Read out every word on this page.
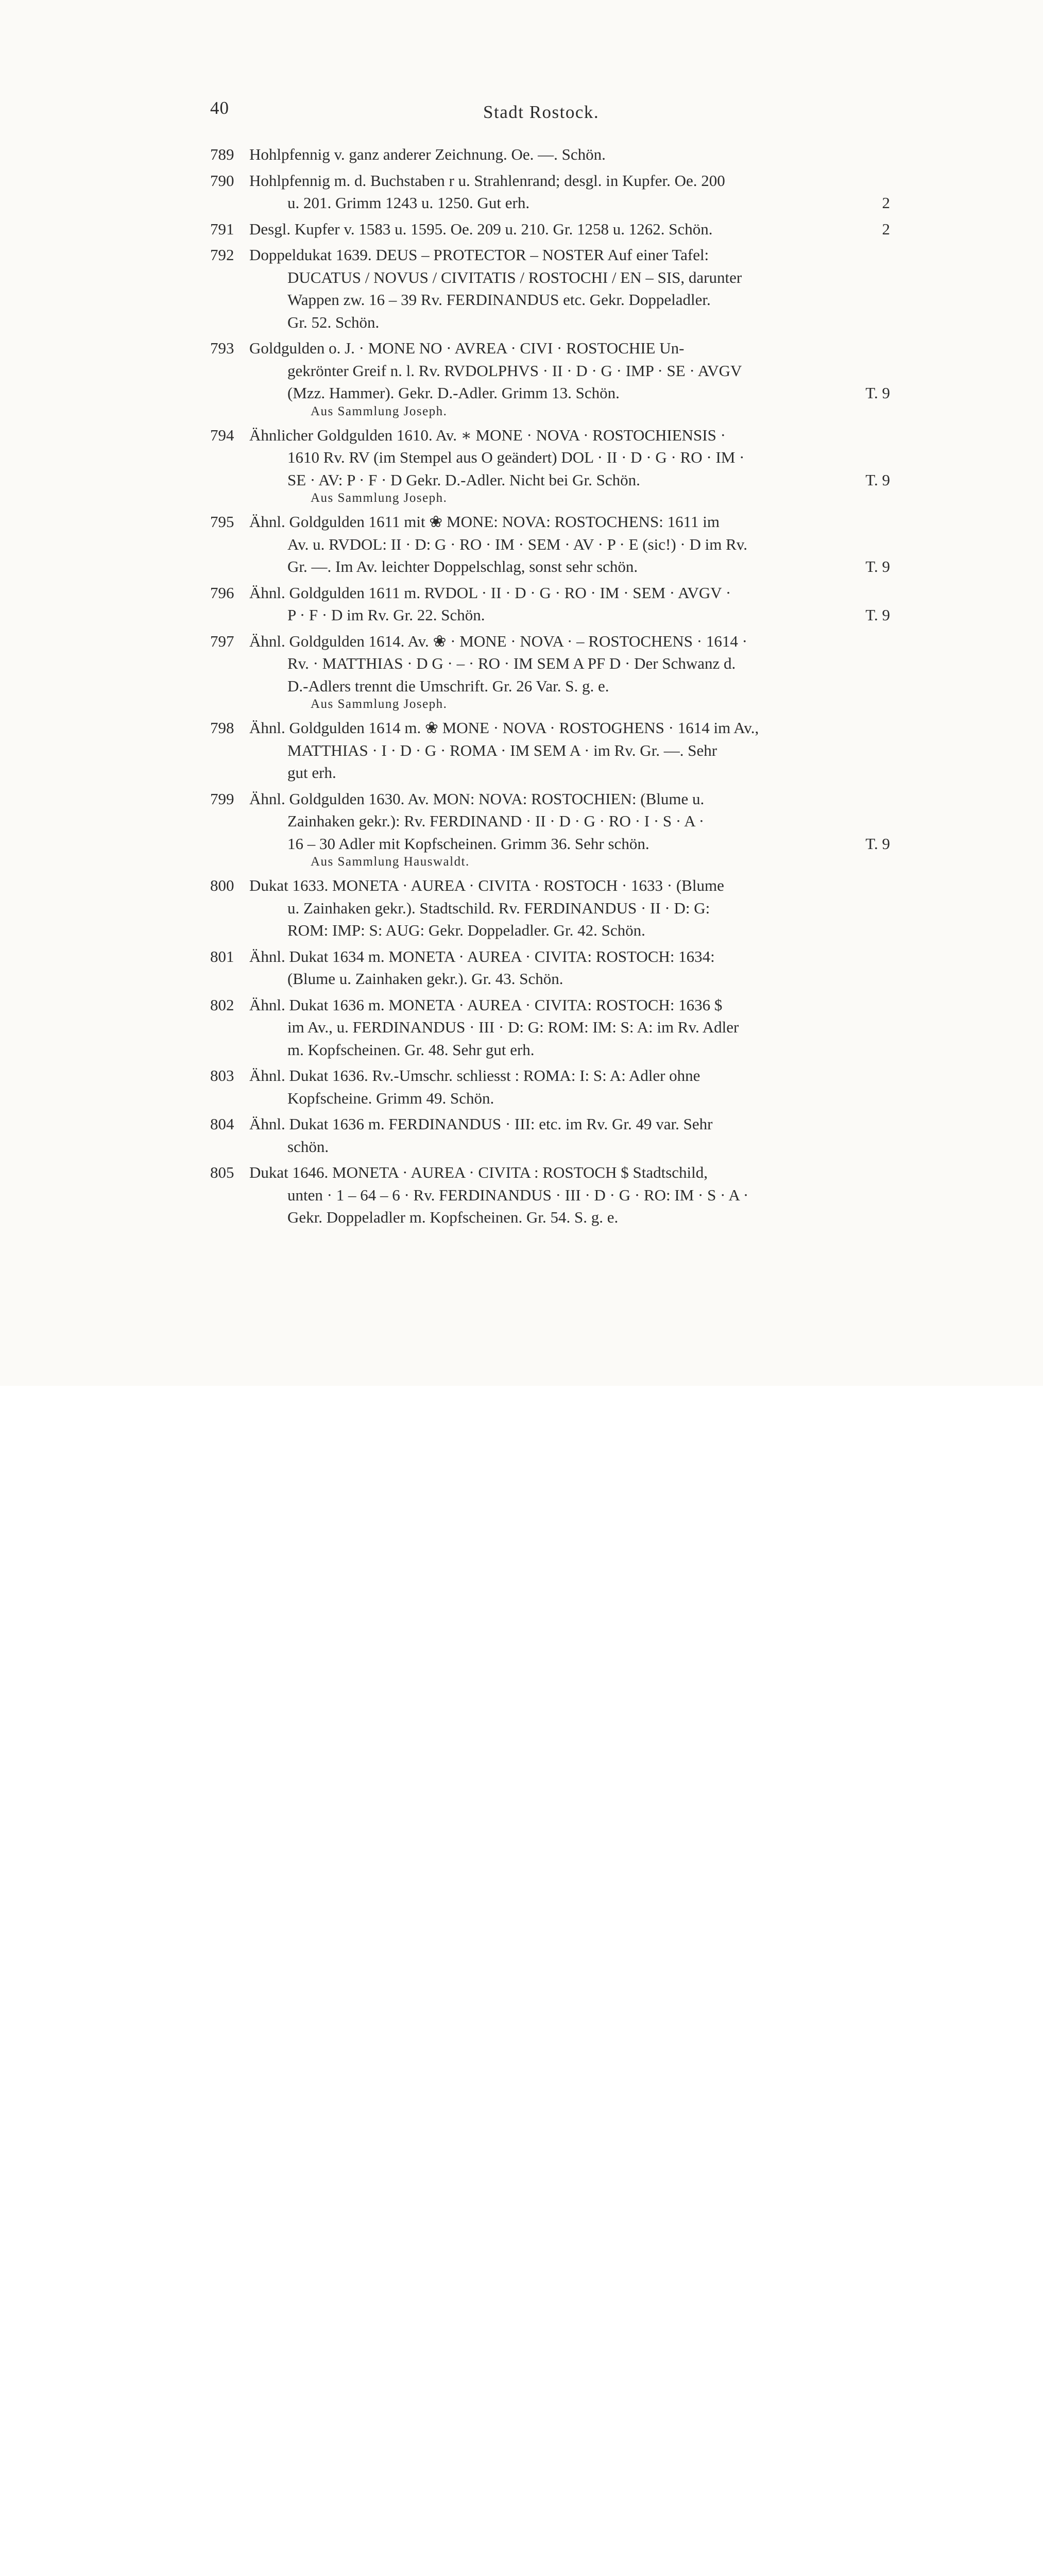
40	Stadt Rostock.
789 Hohlpfennig v. ganz anderer Zeichnung. Oe. —. Schön.
790 Hohlpfennig m. d. Buchstaben r u. Strahlenrand; desgl. in Kupfer. Oe. 200
u. 201. Grimm 1243 u. 1250. Gut erh.	2
791 Desgl. Kupfer v. 1583 u. 1595. Oe. 209 u. 210. Gr. 1258 u. 1262. Schön.	2
792 Doppeldukat 1639. DEUS – PROTECTOR – NOSTER Auf einer Tafel:
DUCATUS / NOVUS / CIVITATIS / ROSTOCHI / EN – SIS, darunter
Wappen zw. 16 – 39 Rv. FERDINANDUS etc. Gekr. Doppeladler.
Gr. 52. Schön.
793 Goldgulden o. J. · MONE NO · AVREA · CIVI · ROSTOCHIE Un-
gekrönter Greif n. l. Rv. RVDOLPHVS · II · D · G · IMP · SE · AVGV
(Mzz. Hammer). Gekr. D.-Adler. Grimm 13. Schön.	T. 9
Aus Sammlung Joseph.
794 Ähnlicher Goldgulden 1610. Av. ∗ MONE · NOVA · ROSTOCHIENSIS ·
1610 Rv. RV (im Stempel aus O geändert) DOL · II · D · G · RO · IM ·
SE · AV: P · F · D Gekr. D.-Adler. Nicht bei Gr. Schön.	T. 9
Aus Sammlung Joseph.
795 Ähnl. Goldgulden 1611 mit ❀ MONE: NOVA: ROSTOCHENS: 1611 im
Av. u. RVDOL: II · D: G · RO · IM · SEM · AV · P · E (sic!) · D im Rv.
Gr. —. Im Av. leichter Doppelschlag, sonst sehr schön.	T. 9
796 Ähnl. Goldgulden 1611 m. RVDOL · II · D · G · RO · IM · SEM · AVGV ·
P · F · D im Rv. Gr. 22. Schön.	T. 9
797 Ähnl. Goldgulden 1614. Av. ❀ · MONE · NOVA · – ROSTOCHENS · 1614 ·
Rv. · MATTHIAS · D G · – · RO · IM SEM A PF D · Der Schwanz d.
D.-Adlers trennt die Umschrift. Gr. 26 Var. S. g. e.
Aus Sammlung Joseph.
798 Ähnl. Goldgulden 1614 m. ❀ MONE · NOVA · ROSTOGHENS · 1614 im Av.,
MATTHIAS · I · D · G · ROMA · IM SEM A · im Rv. Gr. —. Sehr
gut erh.
799 Ähnl. Goldgulden 1630. Av. MON: NOVA: ROSTOCHIEN: (Blume u.
Zainhaken gekr.): Rv. FERDINAND · II · D · G · RO · I · S · A ·
16 – 30 Adler mit Kopfscheinen. Grimm 36. Sehr schön.	T. 9
Aus Sammlung Hauswaldt.
800 Dukat 1633. MONETA · AUREA · CIVITA · ROSTOCH · 1633 · (Blume
u. Zainhaken gekr.). Stadtschild. Rv. FERDINANDUS · II · D: G:
ROM: IMP: S: AUG: Gekr. Doppeladler. Gr. 42. Schön.
801 Ähnl. Dukat 1634 m. MONETA · AUREA · CIVITA: ROSTOCH: 1634:
(Blume u. Zainhaken gekr.). Gr. 43. Schön.
802 Ähnl. Dukat 1636 m. MONETA · AUREA · CIVITA: ROSTOCH: 1636 $
im Av., u. FERDINANDUS · III · D: G: ROM: IM: S: A: im Rv. Adler
m. Kopfscheinen. Gr. 48. Sehr gut erh.
803 Ähnl. Dukat 1636. Rv.-Umschr. schliesst : ROMA: I: S: A: Adler ohne
Kopfscheine. Grimm 49. Schön.
804 Ähnl. Dukat 1636 m. FERDINANDUS · III: etc. im Rv. Gr. 49 var. Sehr
schön.
805 Dukat 1646. MONETA · AUREA · CIVITA : ROSTOCH $ Stadtschild,
unten · 1 – 64 – 6 · Rv. FERDINANDUS · III · D · G · RO: IM · S · A ·
Gekr. Doppeladler m. Kopfscheinen. Gr. 54. S. g. e.
